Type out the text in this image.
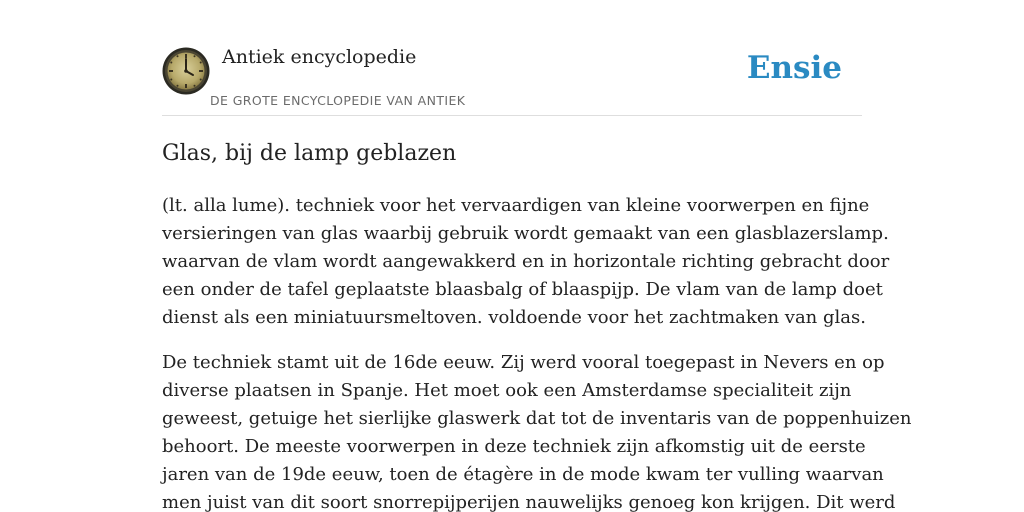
Antiek encyclopedie
DE GROTE ENCYCLOPEDIE VAN ANTIEK
Ensie
Glas, bij de lamp geblazen

(lt. alla lume). techniek voor het vervaardigen van kleine voorwerpen en fijne
versieringen van glas waarbij gebruik wordt gemaakt van een glasblazerslamp.
waarvan de vlam wordt aangewakkerd en in horizontale richting gebracht door
een onder de tafel geplaatste blaasbalg of blaaspijp. De vlam van de lamp doet
dienst als een miniatuursmeltoven. voldoende voor het zachtmaken van glas.

De techniek stamt uit de 16de eeuw. Zij werd vooral toegepast in Nevers en op
diverse plaatsen in Spanje. Het moet ook een Amsterdamse specialiteit zijn
geweest, getuige het sierlijke glaswerk dat tot de inventaris van de poppenhuizen
behoort. De meeste voorwerpen in deze techniek zijn afkomstig uit de eerste
jaren van de 19de eeuw, toen de étagère in de mode kwam ter vulling waarvan
men juist van dit soort snorrepijperijen nauwelijks genoeg kon krijgen. Dit werd
